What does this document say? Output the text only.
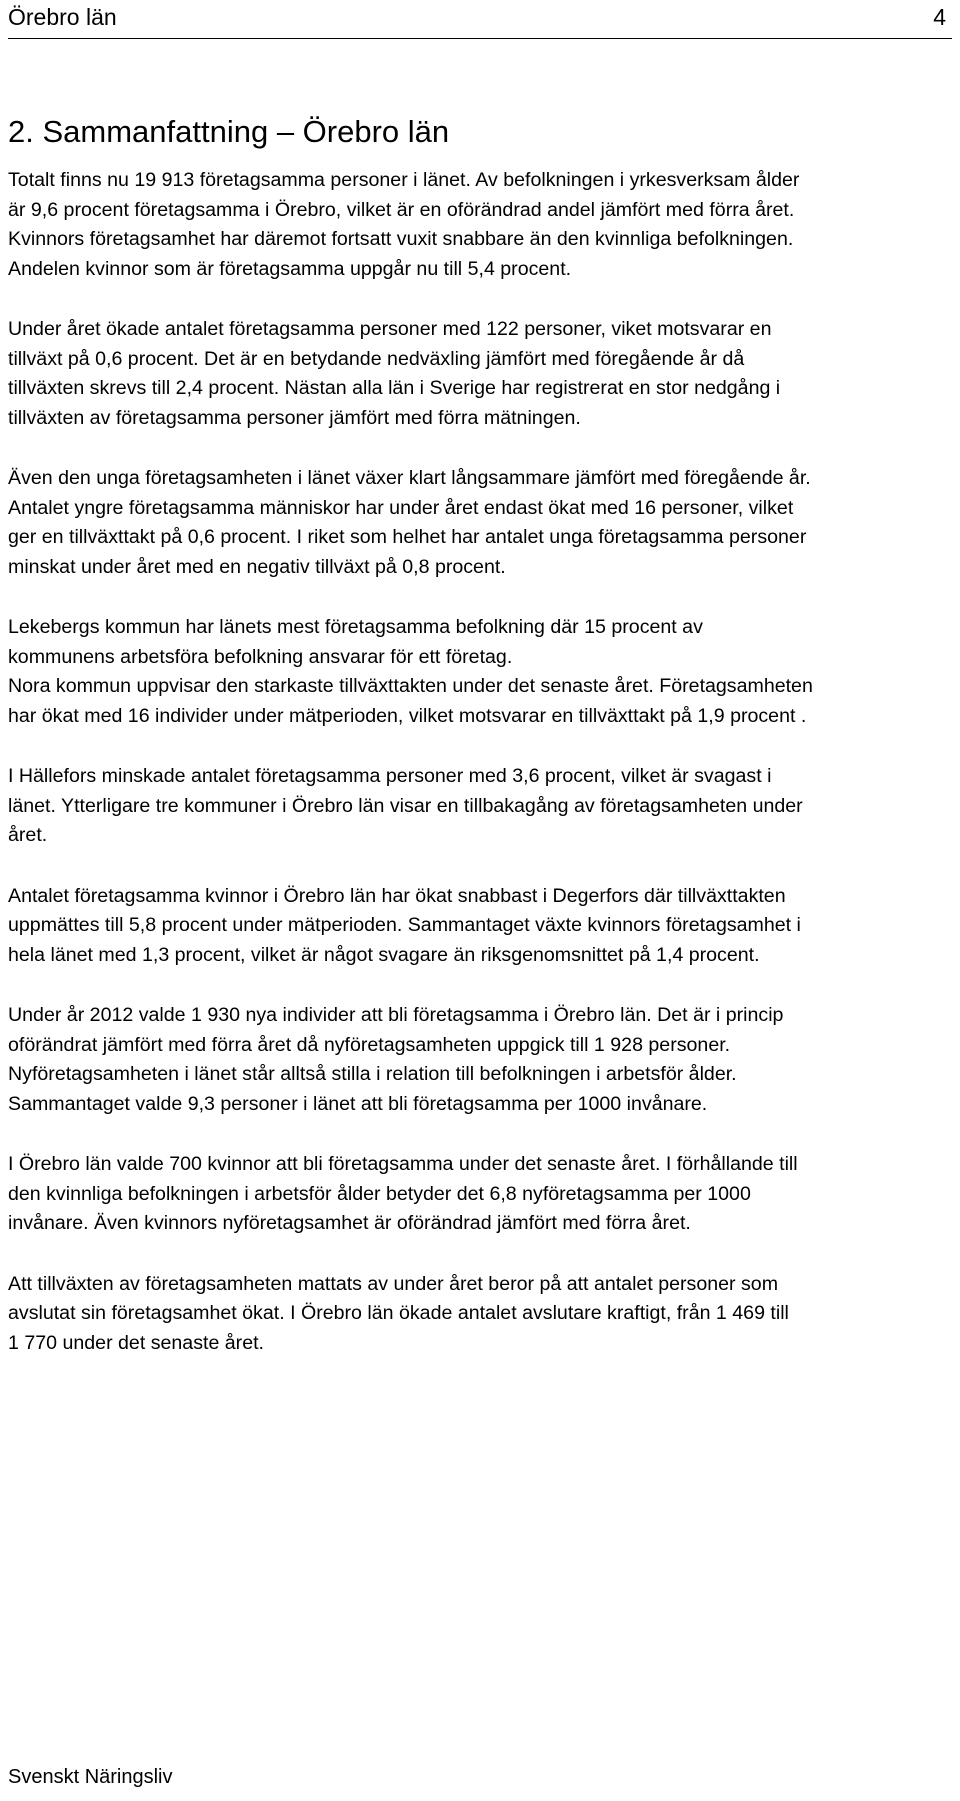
Örebro län	4
2. Sammanfattning – Örebro län

Totalt finns nu 19 913 företagsamma personer i länet. Av befolkningen i yrkesverksam ålder
är 9,6 procent företagsamma i Örebro, vilket är en oförändrad andel jämfört med förra året.
Kvinnors företagsamhet har däremot fortsatt vuxit snabbare än den kvinnliga befolkningen.
Andelen kvinnor som är företagsamma uppgår nu till 5,4 procent.

Under året ökade antalet företagsamma personer med 122 personer, viket motsvarar en
tillväxt på 0,6 procent. Det är en betydande nedväxling jämfört med föregående år då
tillväxten skrevs till 2,4 procent. Nästan alla län i Sverige har registrerat en stor nedgång i
tillväxten av företagsamma personer jämfört med förra mätningen.

Även den unga företagsamheten i länet växer klart långsammare jämfört med föregående år.
Antalet yngre företagsamma människor har under året endast ökat med 16 personer, vilket
ger en tillväxttakt på 0,6 procent. I riket som helhet har antalet unga företagsamma personer
minskat under året med en negativ tillväxt på 0,8 procent.

Lekebergs kommun har länets mest företagsamma befolkning där 15 procent av
kommunens arbetsföra befolkning ansvarar för ett företag.
Nora kommun uppvisar den starkaste tillväxttakten under det senaste året. Företagsamheten
har ökat med 16 individer under mätperioden, vilket motsvarar en tillväxttakt på 1,9 procent .

I Hällefors minskade antalet företagsamma personer med 3,6 procent, vilket är svagast i
länet. Ytterligare tre kommuner i Örebro län visar en tillbakagång av företagsamheten under
året.

Antalet företagsamma kvinnor i Örebro län har ökat snabbast i Degerfors där tillväxttakten
uppmättes till 5,8 procent under mätperioden. Sammantaget växte kvinnors företagsamhet i
hela länet med 1,3 procent, vilket är något svagare än riksgenomsnittet på 1,4 procent.

Under år 2012 valde 1 930 nya individer att bli företagsamma i Örebro län. Det är i princip
oförändrat jämfört med förra året då nyföretagsamheten uppgick till 1 928 personer.
Nyföretagsamheten i länet står alltså stilla i relation till befolkningen i arbetsför ålder.
Sammantaget valde 9,3 personer i länet att bli företagsamma per 1000 invånare.

I Örebro län valde 700 kvinnor att bli företagsamma under det senaste året. I förhållande till
den kvinnliga befolkningen i arbetsför ålder betyder det 6,8 nyföretagsamma per 1000
invånare. Även kvinnors nyföretagsamhet är oförändrad jämfört med förra året.

Att tillväxten av företagsamheten mattats av under året beror på att antalet personer som
avslutat sin företagsamhet ökat. I Örebro län ökade antalet avslutare kraftigt, från 1 469 till
1 770 under det senaste året.

Svenskt Näringsliv
